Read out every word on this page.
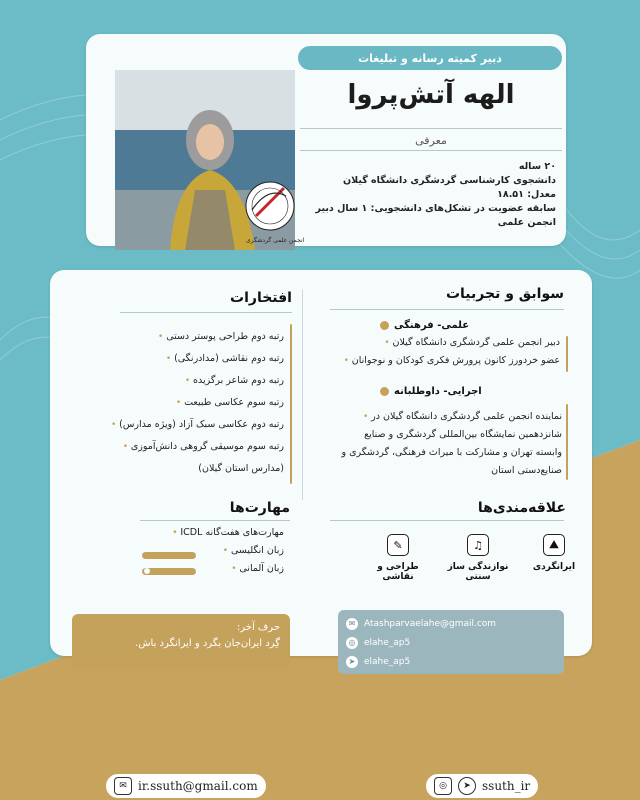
انجمن علمی گردشگری
دبیر کمیته رسانه و تبلیغات
الهه آتش‌پروا
معرفی
۲۰ ساله
دانشجوی کارشناسی گردشگری دانشگاه گیلان
معدل: ۱۸.۵۱
سابقه عضویت در تشکل‌های دانشجویی: ۱ سال دبیر انجمن علمی
سوابق و تجربیات
علمی- فرهنگی
دبیر انجمن علمی گردشگری دانشگاه گیلان •
عضو خردورز کانون پرورش فکری کودکان و نوجوانان •
اجرایی- داوطلبانه
نماینده انجمن علمی گردشگری دانشگاه گیلان در •
شانزدهمین نمایشگاه بین‌المللی گردشگری و صنایع
وابسته تهران و مشارکت با میراث فرهنگی، گردشگری و
صنایع‌دستی استان
افتخارات
رتبه دوم طراحی پوستر دستی •
رتبه دوم نقاشی (مدادرنگی) •
رتبه دوم شاعر برگزیده •
رتبه سوم عکاسی طبیعت •
رتبه دوم عکاسی سبک آزاد (ویژه مدارس) •
رتبه سوم موسیقی گروهی دانش‌آموزی •
(مدارس استان گیلان)
مهارت‌ها
مهارت‌های هفت‌گانه ICDL •
زبان انگلیسی •
زبان آلمانی •
علاقه‌مندی‌ها
⛰
ایرانگردی
♫
نوازندگی ساز سنتی
✎
طراحی و نقاشی
حرف آخر:
گِرد ایران‌جان بگرد و ایرانگرد باش.
✉ Atashparvaelahe@gmail.com
◎ elahe_ap5
➤ elahe_ap5
✉ ir.ssuth@gmail.com	◎	➤ ssuth_ir
